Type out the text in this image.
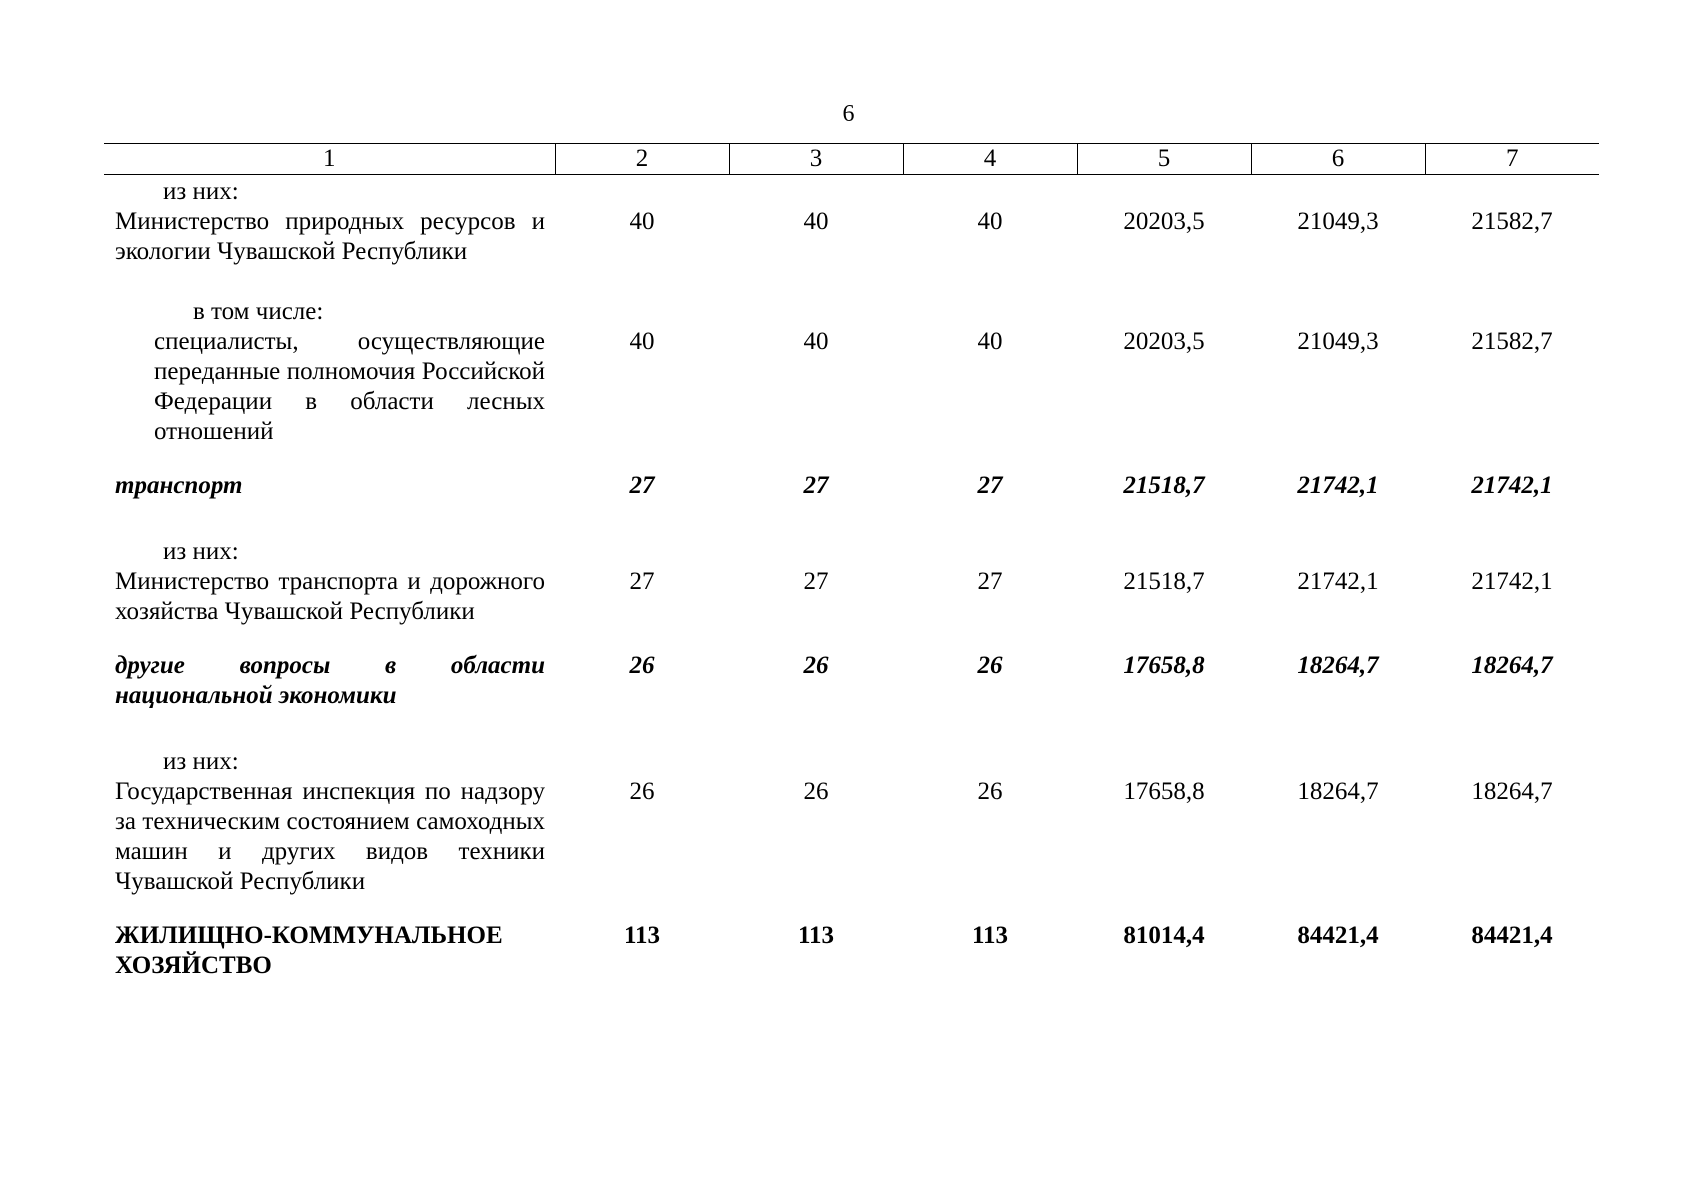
6
1	2	3	4	5	6	7

из них:
Министерство природных ресурсов и экологии Чувашской Республики	40	40	40	20203,5	21049,3	21582,7

в том числе:
специалисты, осуществляющие переданные полномочия Российской Федерации в области лесных отношений	40	40	40	20203,5	21049,3	21582,7

транспорт	27	27	27	21518,7	21742,1	21742,1

из них:
Министерство транспорта и дорожного хозяйства Чувашской Республики	27	27	27	21518,7	21742,1	21742,1

другие вопросы в области национальной экономики	26	26	26	17658,8	18264,7	18264,7

из них:
Государственная инспекция по надзору за техническим состоянием самоходных машин и других видов техники Чувашской Республики	26	26	26	17658,8	18264,7	18264,7

ЖИЛИЩНО-КОММУНАЛЬНОЕ ХОЗЯЙСТВО	113	113	113	81014,4	84421,4	84421,4
